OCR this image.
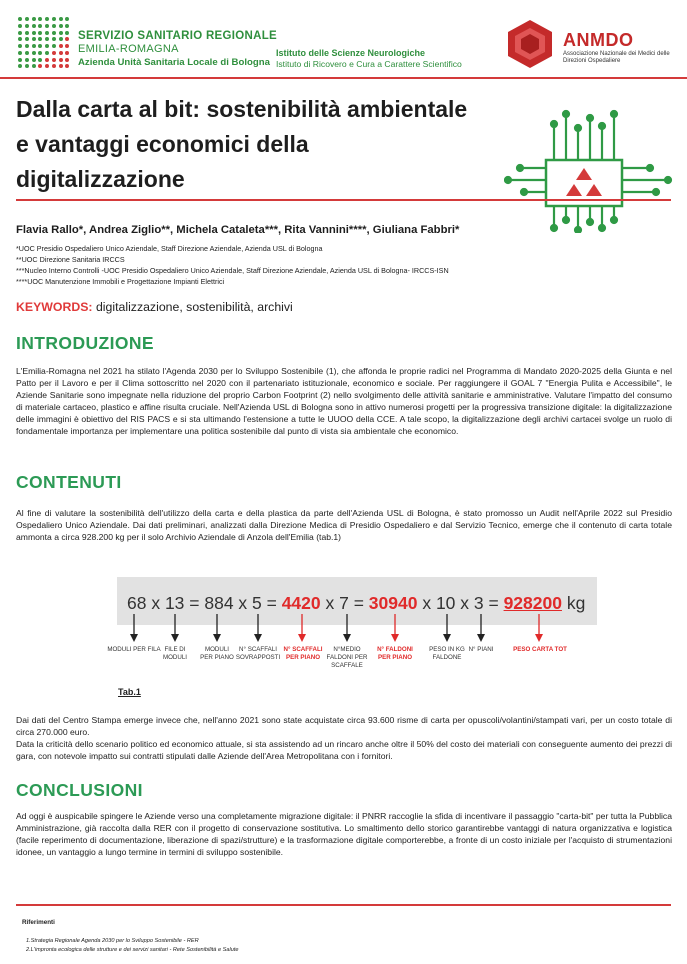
SERVIZIO SANITARIO REGIONALE
EMILIA-ROMAGNA
Azienda Unità Sanitaria Locale di Bologna
Istituto delle Scienze Neurologiche
Istituto di Ricovero e Cura a Carattere Scientifico
ANMDO
Associazione Nazionale dei Medici delle Direzioni Ospedaliere
Dalla carta al bit: sostenibilità ambientale
e vantaggi economici della
digitalizzazione
Flavia Rallo*, Andrea Ziglio**, Michela Cataleta***, Rita Vannini****, Giuliana Fabbri*
*UOC Presidio Ospedaliero Unico Aziendale, Staff Direzione Aziendale, Azienda USL di Bologna
**UOC Direzione Sanitaria IRCCS
***Nucleo Interno Controlli -UOC Presidio Ospedaliero Unico Aziendale, Staff Direzione Aziendale, Azienda USL di Bologna- IRCCS-ISN
****UOC Manutenzione Immobili e Progettazione Impianti Elettrici
KEYWORDS: digitalizzazione, sostenibilità, archivi
INTRODUZIONE
L'Emilia-Romagna nel 2021 ha stilato l'Agenda 2030 per lo Sviluppo Sostenibile (1), che affonda le proprie radici nel Programma di Mandato 2020-2025 della Giunta e nel Patto per il Lavoro e per il Clima sottoscritto nel 2020 con il partenariato istituzionale, economico e sociale. Per raggiungere il GOAL 7 "Energia Pulita e Accessibile", le Aziende Sanitarie sono impegnate nella riduzione del proprio Carbon Footprint (2) nello svolgimento delle attività sanitarie e amministrative. Valutare l'impatto del consumo di materiale cartaceo, plastico e affine risulta cruciale. Nell'Azienda USL di Bologna sono in attivo numerosi progetti per la progressiva transizione digitale: la digitalizzazione delle immagini è obiettivo del RIS PACS e si sta ultimando l'estensione a tutte le UUOO della CCE. A tale scopo, la digitalizzazione degli archivi cartacei svolge un ruolo di fondamentale importanza per implementare una politica sostenibile dal punto di vista sia ambientale che economico.
CONTENUTI
Al fine di valutare la sostenibilità dell'utilizzo della carta e della plastica da parte dell'Azienda USL di Bologna, è stato promosso un Audit nell'Aprile 2022 sul Presidio Ospedaliero Unico Aziendale. Dai dati preliminari, analizzati dalla Direzione Medica di Presidio Ospedaliero e dal Servizio Tecnico, emerge che il contenuto di carta totale ammonta a circa 928.200 kg per il solo Archivio Aziendale di Anzola dell'Emilia (tab.1)
68 x 13 = 884 x 5 = 4420 x 7 = 30940 x 10 x 3 = 928200 kg
MODULI PER FILA FILE DI MODULI
MODULI PER PIANO
N° SCAFFALI SOVRAPPOSTI
N° SCAFFALI PER PIANO
N°MEDIO FALDONI PER SCAFFALE
N° FALDONI PER PIANO
PESO IN KG FALDONE
N° PIANI	PESO CARTA TOT
Tab.1
Dai dati del Centro Stampa emerge invece che, nell'anno 2021 sono state acquistate circa 93.600 risme di carta per opuscoli/volantini/stampati vari, per un costo totale di circa 270.000 euro.
Data la criticità dello scenario politico ed economico attuale, si sta assistendo ad un rincaro anche oltre il 50% del costo dei materiali con conseguente aumento dei prezzi di gara, con notevole impatto sui contratti stipulati dalle Aziende dell'Area Metropolitana con i fornitori.
CONCLUSIONI
Ad oggi è auspicabile spingere le Aziende verso una completamente migrazione digitale: il PNRR raccoglie la sfida di incentivare il passaggio "carta-bit" per tutta la Pubblica Amministrazione, già raccolta dalla RER con il progetto di conservazione sostitutiva. Lo smaltimento dello storico garantirebbe vantaggi di natura organizzativa e logistica (facile reperimento di documentazione, liberazione di spazi/strutture) e la trasformazione digitale comporterebbe, a fronte di un costo iniziale per l'acquisto di strumentazioni idonee, un vantaggio a lungo termine in termini di sviluppo sostenibile.
Riferimenti
1.Strategia Regionale Agenda 2030 per lo Sviluppo Sostenibile - RER
2.L'impronta ecologica delle strutture e dei servizi sanitari - Rete Sostenibilità e Salute
